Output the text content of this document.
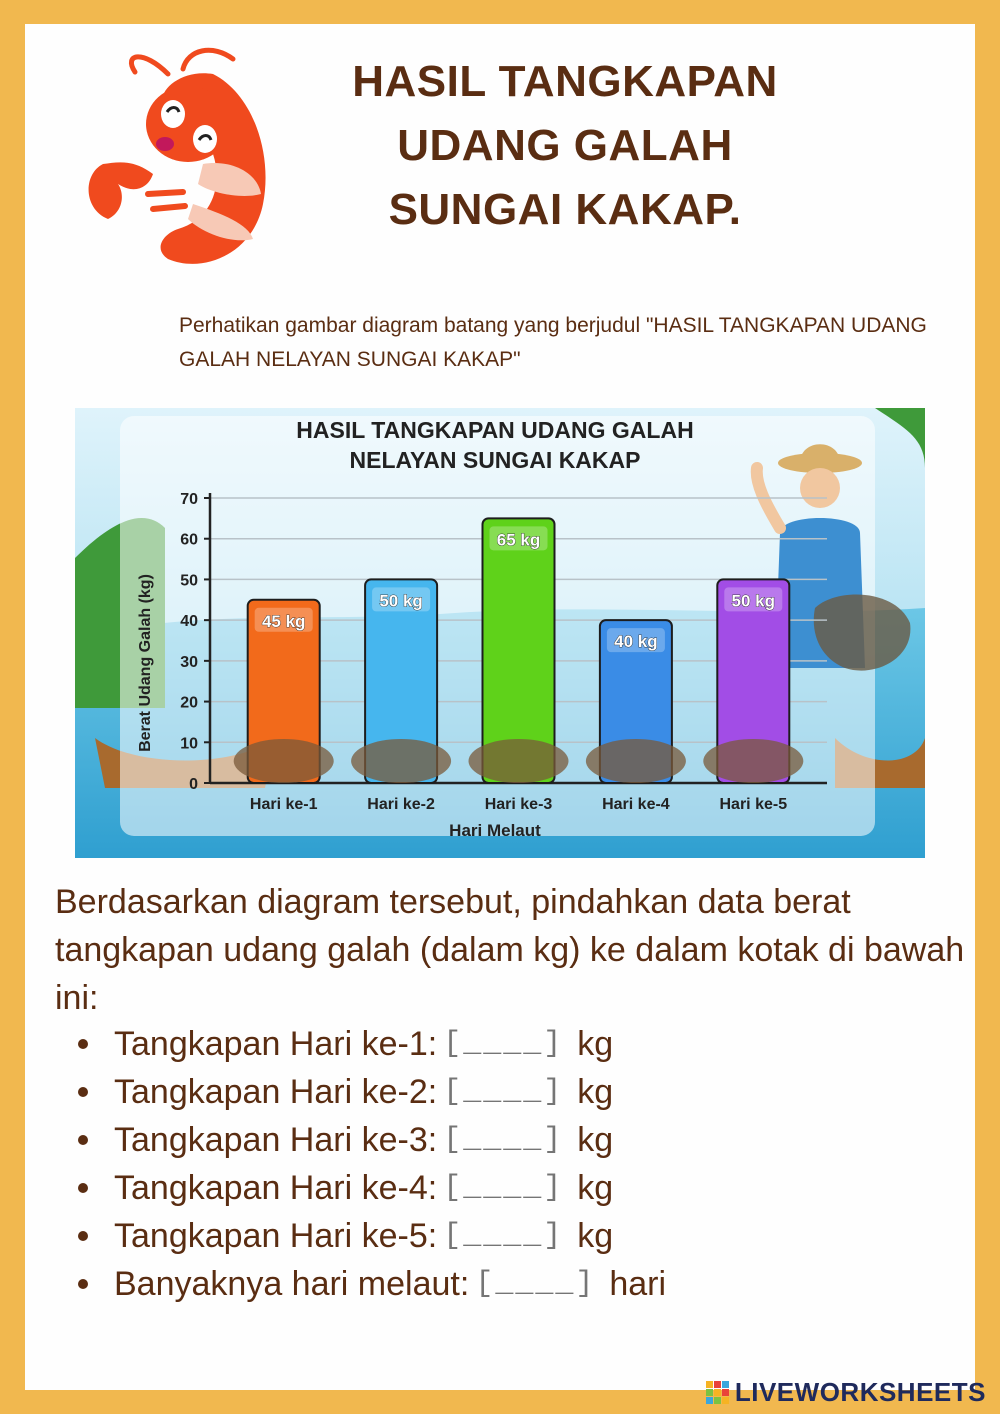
HASIL TANGKAPAN
UDANG GALAH
SUNGAI KAKAP.
Perhatikan gambar diagram batang yang berjudul "HASIL TANGKAPAN UDANG GALAH NELAYAN SUNGAI KAKAP"
HASIL TANGKAPAN UDANG GALAH
NELAYAN SUNGAI KAKAP
Berat Udang Galah (kg)
Hari Melaut
0
10
20
30
40
50
60
70
45 kg
Hari ke-1
50 kg
Hari ke-2
65 kg
Hari ke-3
40 kg
Hari ke-4
50 kg
Hari ke-5
Berdasarkan diagram tersebut, pindahkan data berat tangkapan udang galah (dalam kg) ke dalam kotak di bawah ini:
Tangkapan Hari ke-1:
[____]	kg
Tangkapan Hari ke-2:
[____]	kg
Tangkapan Hari ke-3:
[____]	kg
Tangkapan Hari ke-4:
[____]	kg
Tangkapan Hari ke-5:
[____]	kg
Banyaknya hari melaut:
[____]	hari
LIVEWORKSHEETS
